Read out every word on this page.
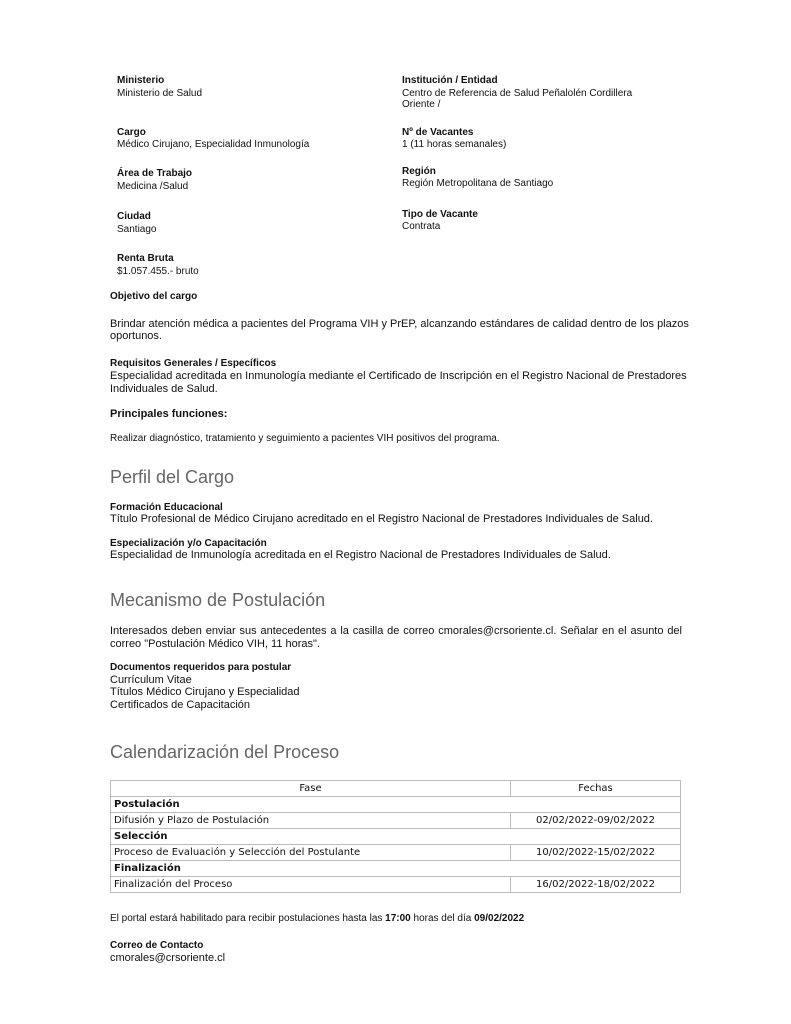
Ministerio
Ministerio de Salud
Institución / Entidad
Centro de Referencia de Salud Peñalolén Cordillera
Oriente /
Cargo
Médico Cirujano, Especialidad Inmunología
Nº de Vacantes
1 (11 horas semanales)
Área de Trabajo
Medicina /Salud
Región
Región Metropolitana de Santiago
Ciudad
Santiago
Tipo de Vacante
Contrata
Renta Bruta
$1.057.455.- bruto
Objetivo del cargo
Brindar atención médica a pacientes del Programa VIH y PrEP, alcanzando estándares de calidad dentro de los plazos
oportunos.
Requisitos Generales / Específicos
Especialidad acreditada en Inmunología mediante el Certificado de Inscripción en el Registro Nacional de Prestadores
Individuales de Salud.
Principales funciones:
Realizar diagnóstico, tratamiento y seguimiento a pacientes VIH positivos del programa.
Perfil del Cargo
Formación Educacional
Título Profesional de Médico Cirujano acreditado en el Registro Nacional de Prestadores Individuales de Salud.
Especialización y/o Capacitación
Especialidad de Inmunología acreditada en el Registro Nacional de Prestadores Individuales de Salud.
Mecanismo de Postulación
Interesados deben enviar sus antecedentes a la casilla de correo cmorales@crsoriente.cl. Señalar en el asunto del
correo "Postulación Médico VIH, 11 horas".
Documentos requeridos para postular
Currículum Vitae
Títulos Médico Cirujano y Especialidad
Certificados de Capacitación
Calendarización del Proceso
Fase	Fechas
Postulación	
Difusión y Plazo de Postulación	02/02/2022-09/02/2022
Selección	
Proceso de Evaluación y Selección del Postulante	10/02/2022-15/02/2022
Finalización	
Finalización del Proceso	16/02/2022-18/02/2022
El portal estará habilitado para recibir postulaciones hasta las 17:00 horas del día 09/02/2022
Correo de Contacto
cmorales@crsoriente.cl
